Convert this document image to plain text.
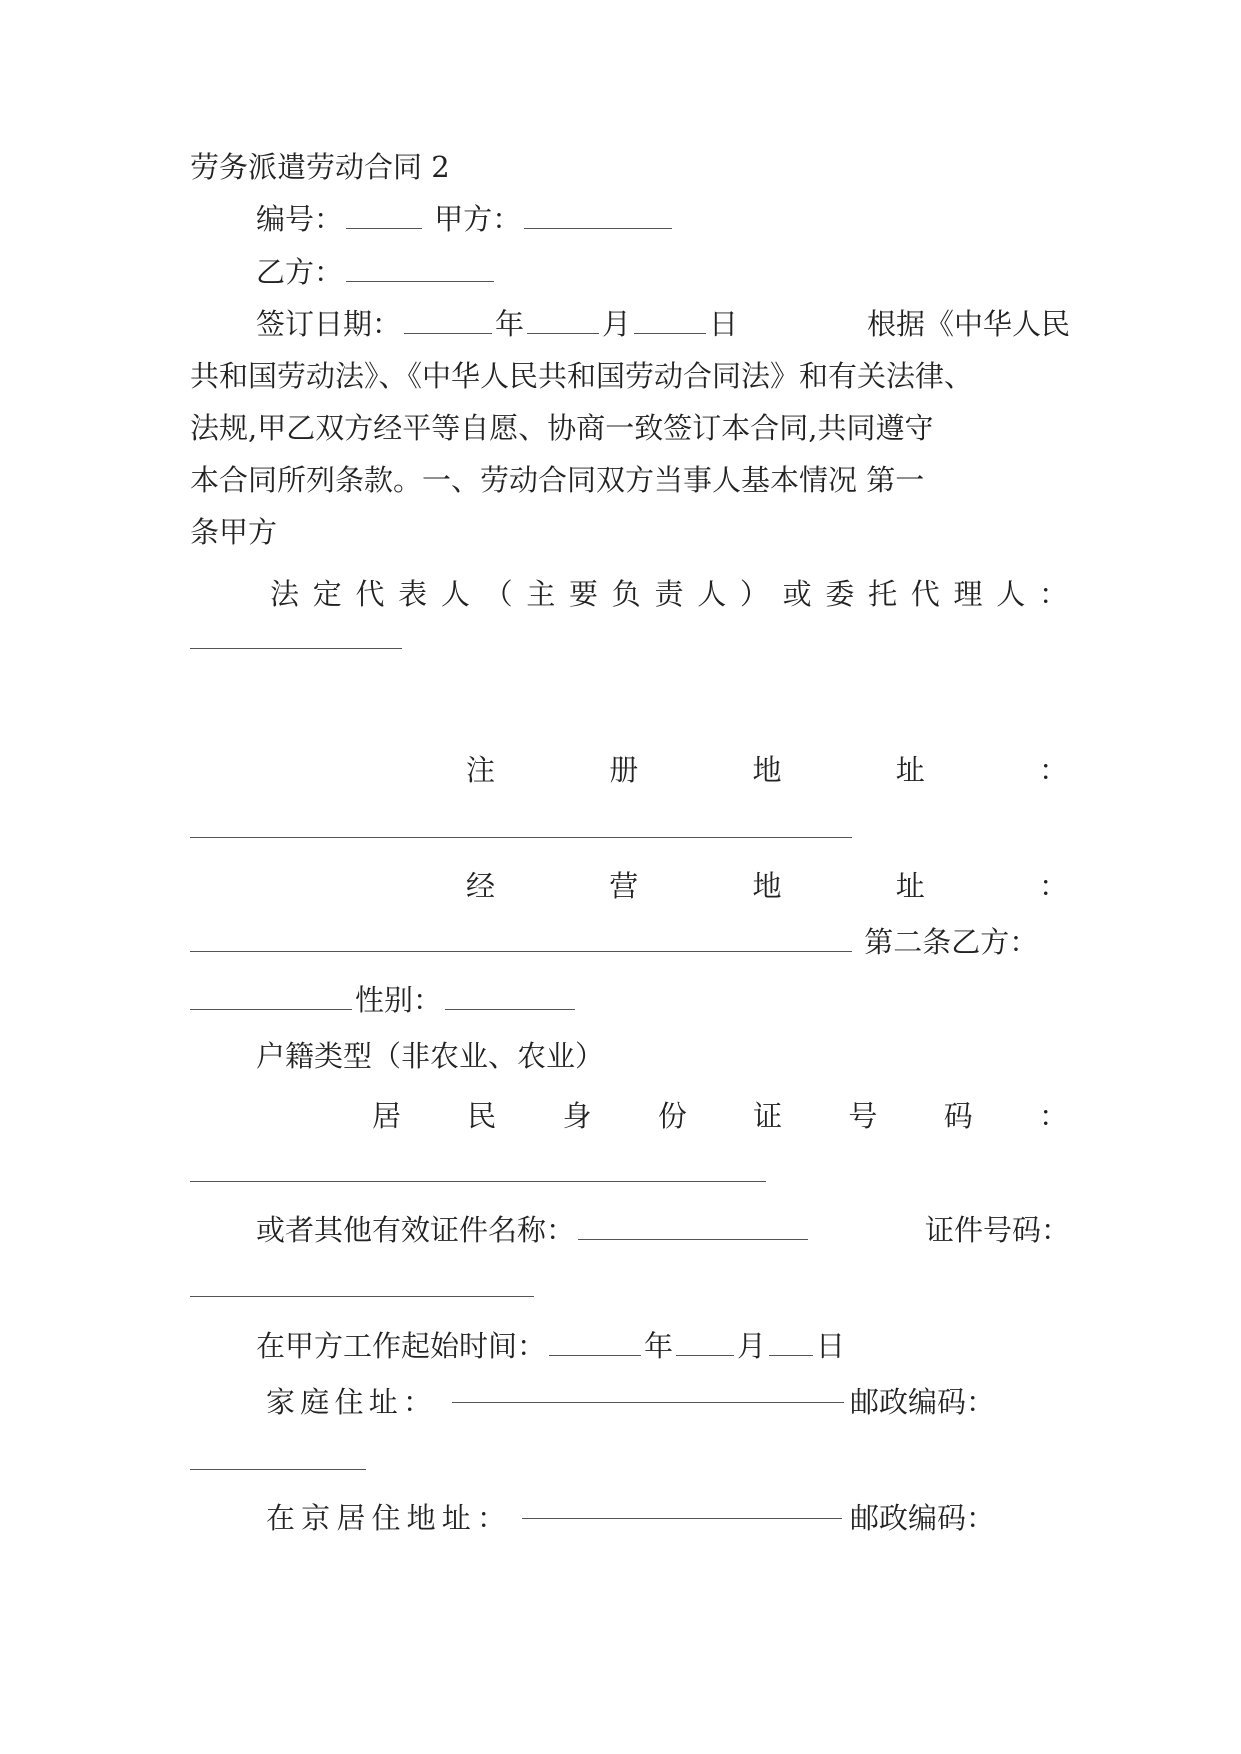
劳务派遣劳动合同 2
编号：	甲方：
乙方：
签订日期：	年	月	日	根据《中华人民
共和国劳动法》、《中华人民共和国劳动合同法》和有关法律、
法规,甲乙双方经平等自愿、协商一致签订本合同,共同遵守
本合同所列条款。一、劳动合同双方当事人基本情况 第一
条甲方
法 定 代 表 人 （ 主 要 负 责 人 ） 或 委 托 代 理 人 ：
注	册	地	址	：
经	营	地	址	：
第二条乙方：
性别：
户籍类型（非农业、农业）
居 民 身 份 证 号 码 ：
或者其他有效证件名称：	证件号码：
在甲方工作起始时间：	年 月 日
家 庭 住 址 ：	邮政编码：
在 京 居 住 地 址 ：	邮政编码：
